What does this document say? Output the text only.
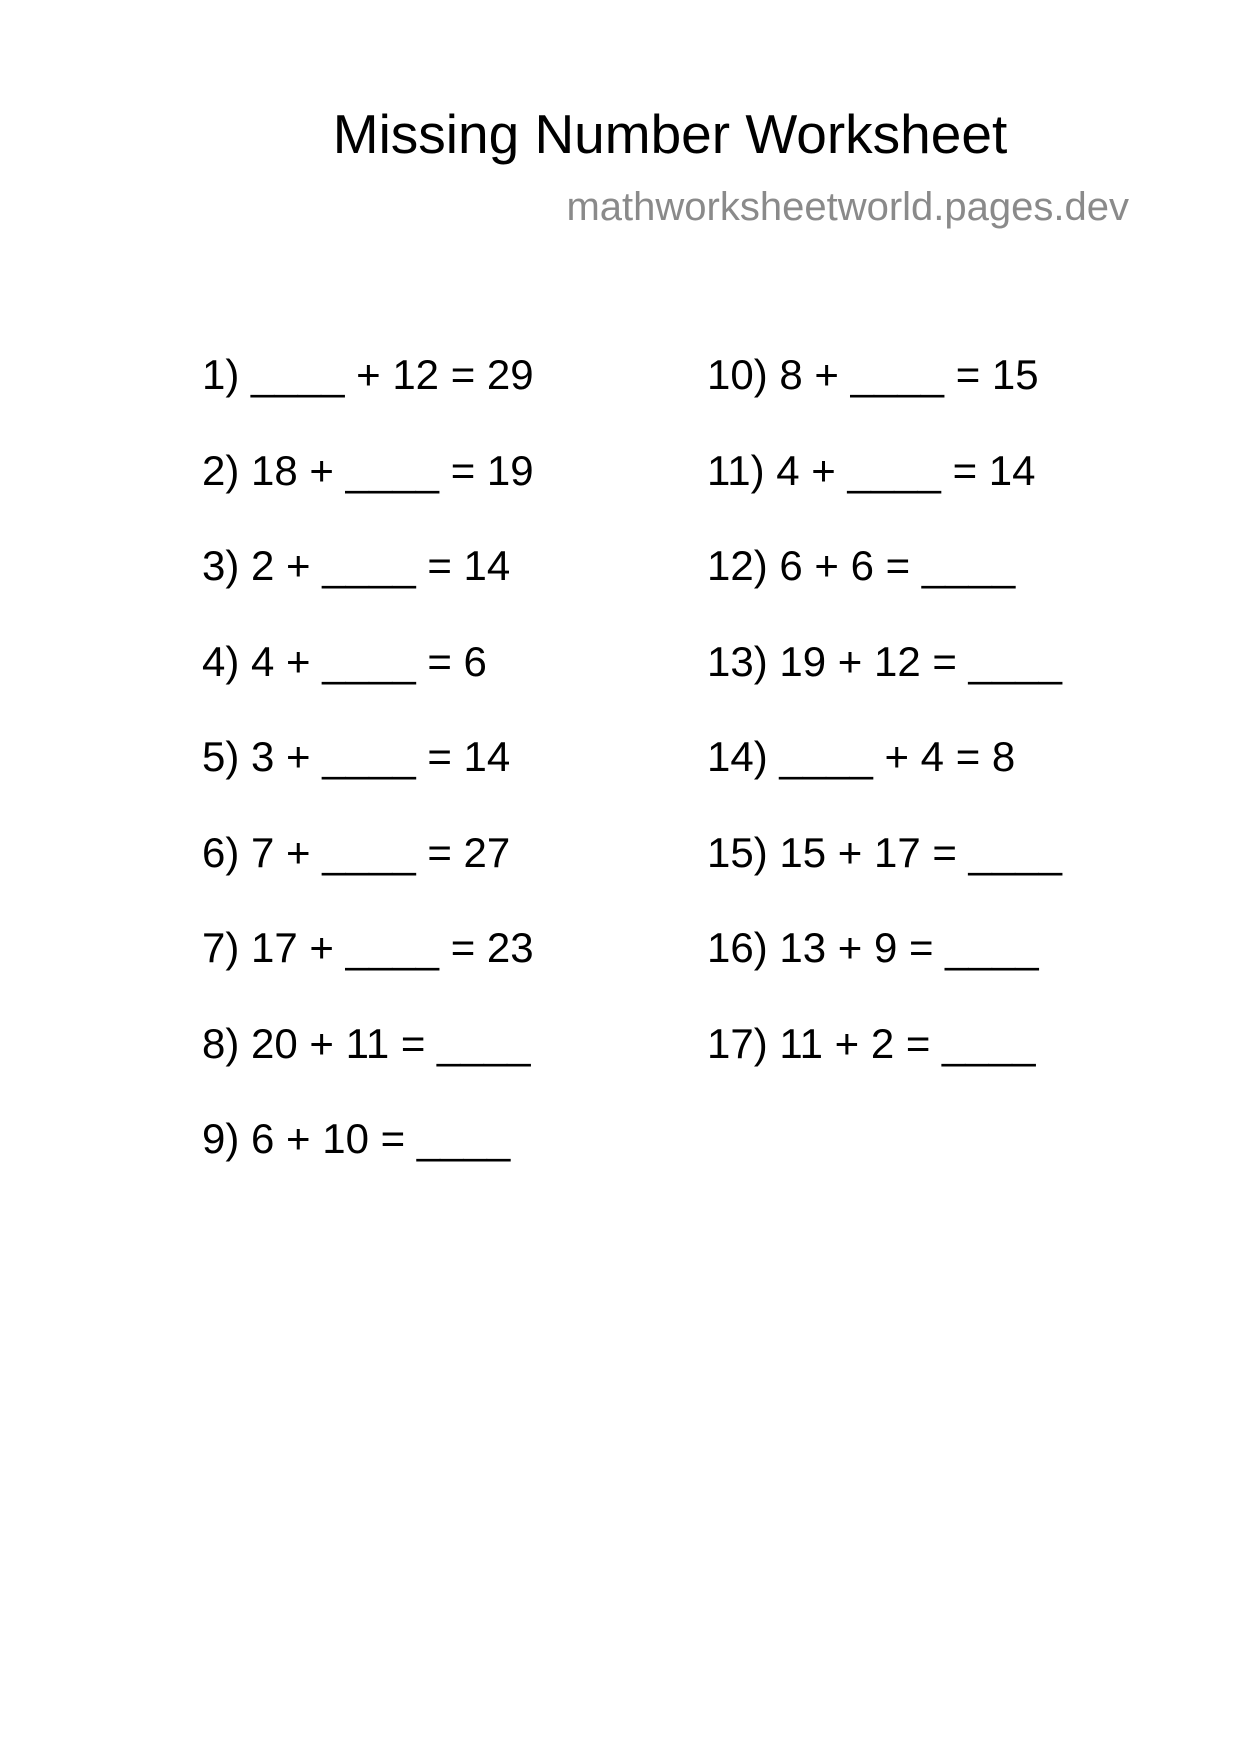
Missing Number Worksheet
mathworksheetworld.pages.dev
1) ____ + 12 = 29
2) 18 + ____ = 19
3) 2 + ____ = 14
4) 4 + ____ = 6
5) 3 + ____ = 14
6) 7 + ____ = 27
7) 17 + ____ = 23
8) 20 + 11 = ____
9) 6 + 10 = ____
10) 8 + ____ = 15
11) 4 + ____ = 14
12) 6 + 6 = ____
13) 19 + 12 = ____
14) ____ + 4 = 8
15) 15 + 17 = ____
16) 13 + 9 = ____
17) 11 + 2 = ____
